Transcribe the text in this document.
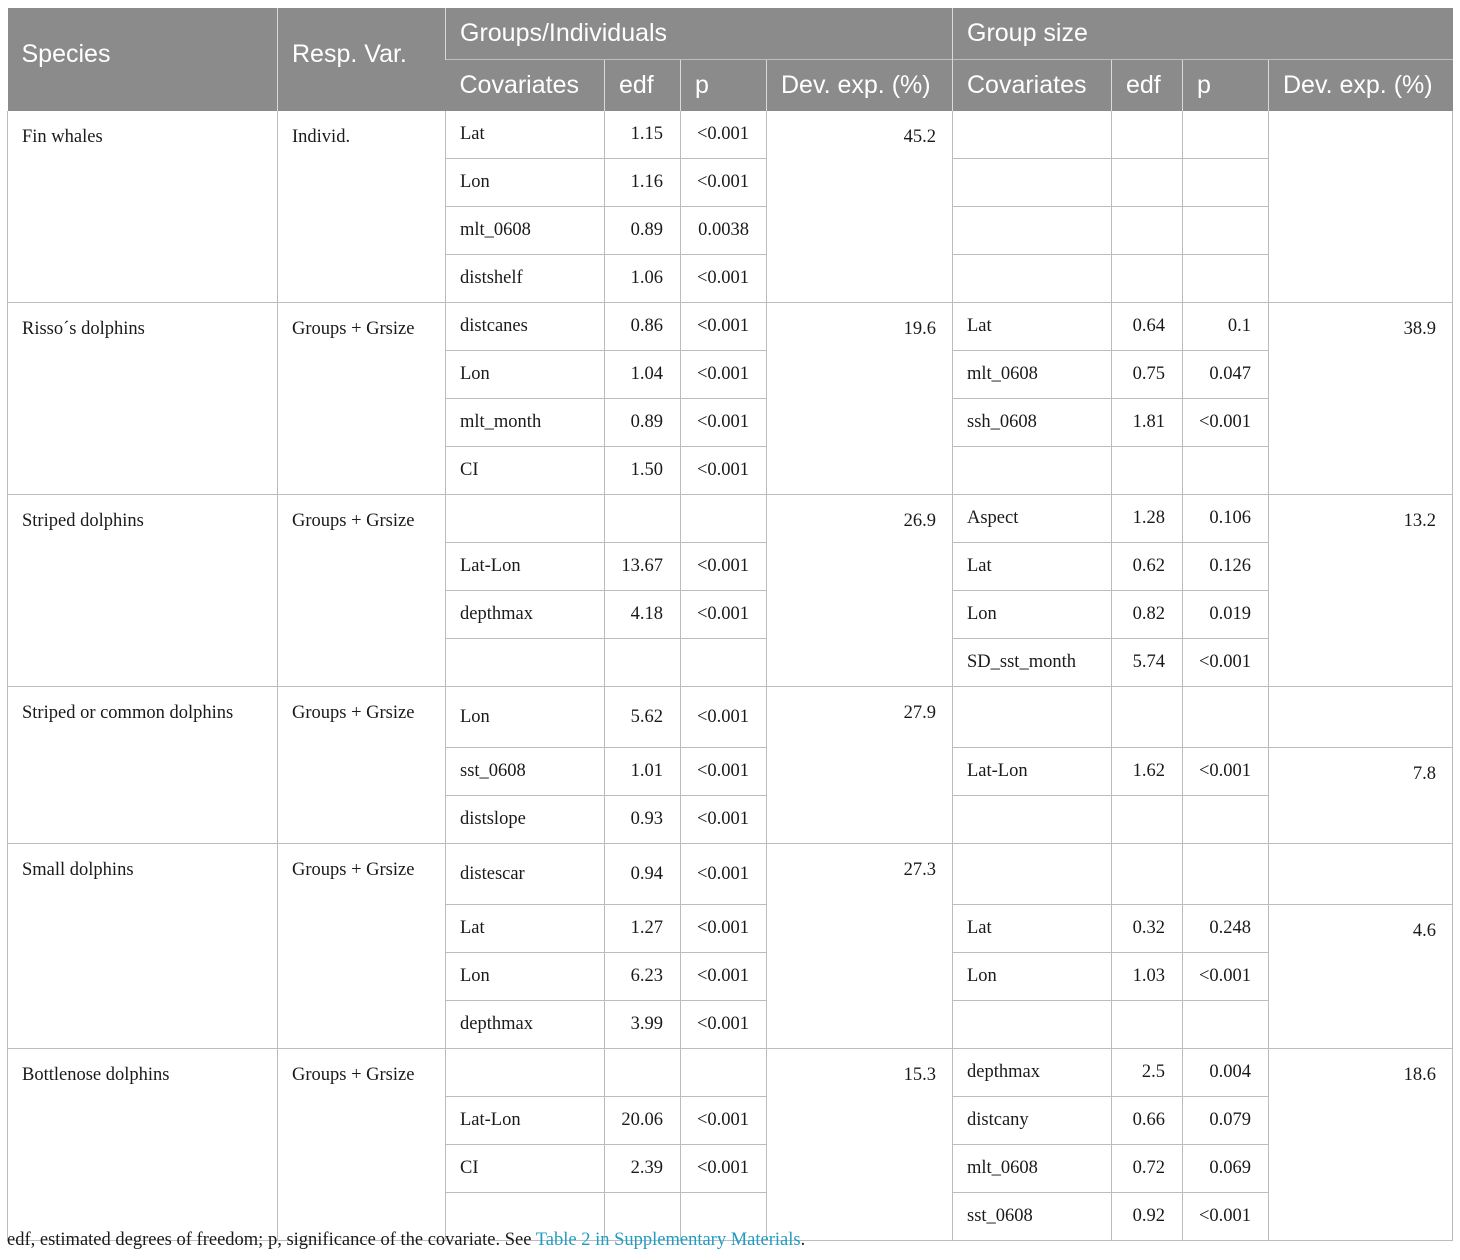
Species	Resp. Var.	Groups/Individuals				Group size			
		Covariates	edf	p	Dev. exp. (%)	Covariates	edf	p	Dev. exp. (%)
Fin whales	Individ.	Lat	1.15	<0.001	45.2				
		Lon	1.16	<0.001					
		mlt_0608	0.89	0.0038					
		distshelf	1.06	<0.001					
Risso´s dolphins	Groups + Grsize	distcanes	0.86	<0.001	19.6	Lat	0.64	0.1	38.9
		Lon	1.04	<0.001		mlt_0608	0.75	0.047	
		mlt_month	0.89	<0.001		ssh_0608	1.81	<0.001	
		CI	1.50	<0.001					
Striped dolphins	Groups + Grsize				26.9	Aspect	1.28	0.106	13.2
		Lat-Lon	13.67	<0.001		Lat	0.62	0.126	
		depthmax	4.18	<0.001		Lon	0.82	0.019	
						SD_sst_month	5.74	<0.001	
Striped or common dolphins	Groups + Grsize	Lon	5.62	<0.001	27.9				
		sst_0608	1.01	<0.001		Lat-Lon	1.62	<0.001	7.8
		distslope	0.93	<0.001					
Small dolphins	Groups + Grsize	distescar	0.94	<0.001	27.3				
		Lat	1.27	<0.001		Lat	0.32	0.248	4.6
		Lon	6.23	<0.001		Lon	1.03	<0.001	
		depthmax	3.99	<0.001					
Bottlenose dolphins	Groups + Grsize				15.3	depthmax	2.5	0.004	18.6
		Lat-Lon	20.06	<0.001		distcany	0.66	0.079	
		CI	2.39	<0.001		mlt_0608	0.72	0.069	
						sst_0608	0.92	<0.001	
edf, estimated degrees of freedom; p, significance of the covariate. See Table 2 in Supplementary Materials.
